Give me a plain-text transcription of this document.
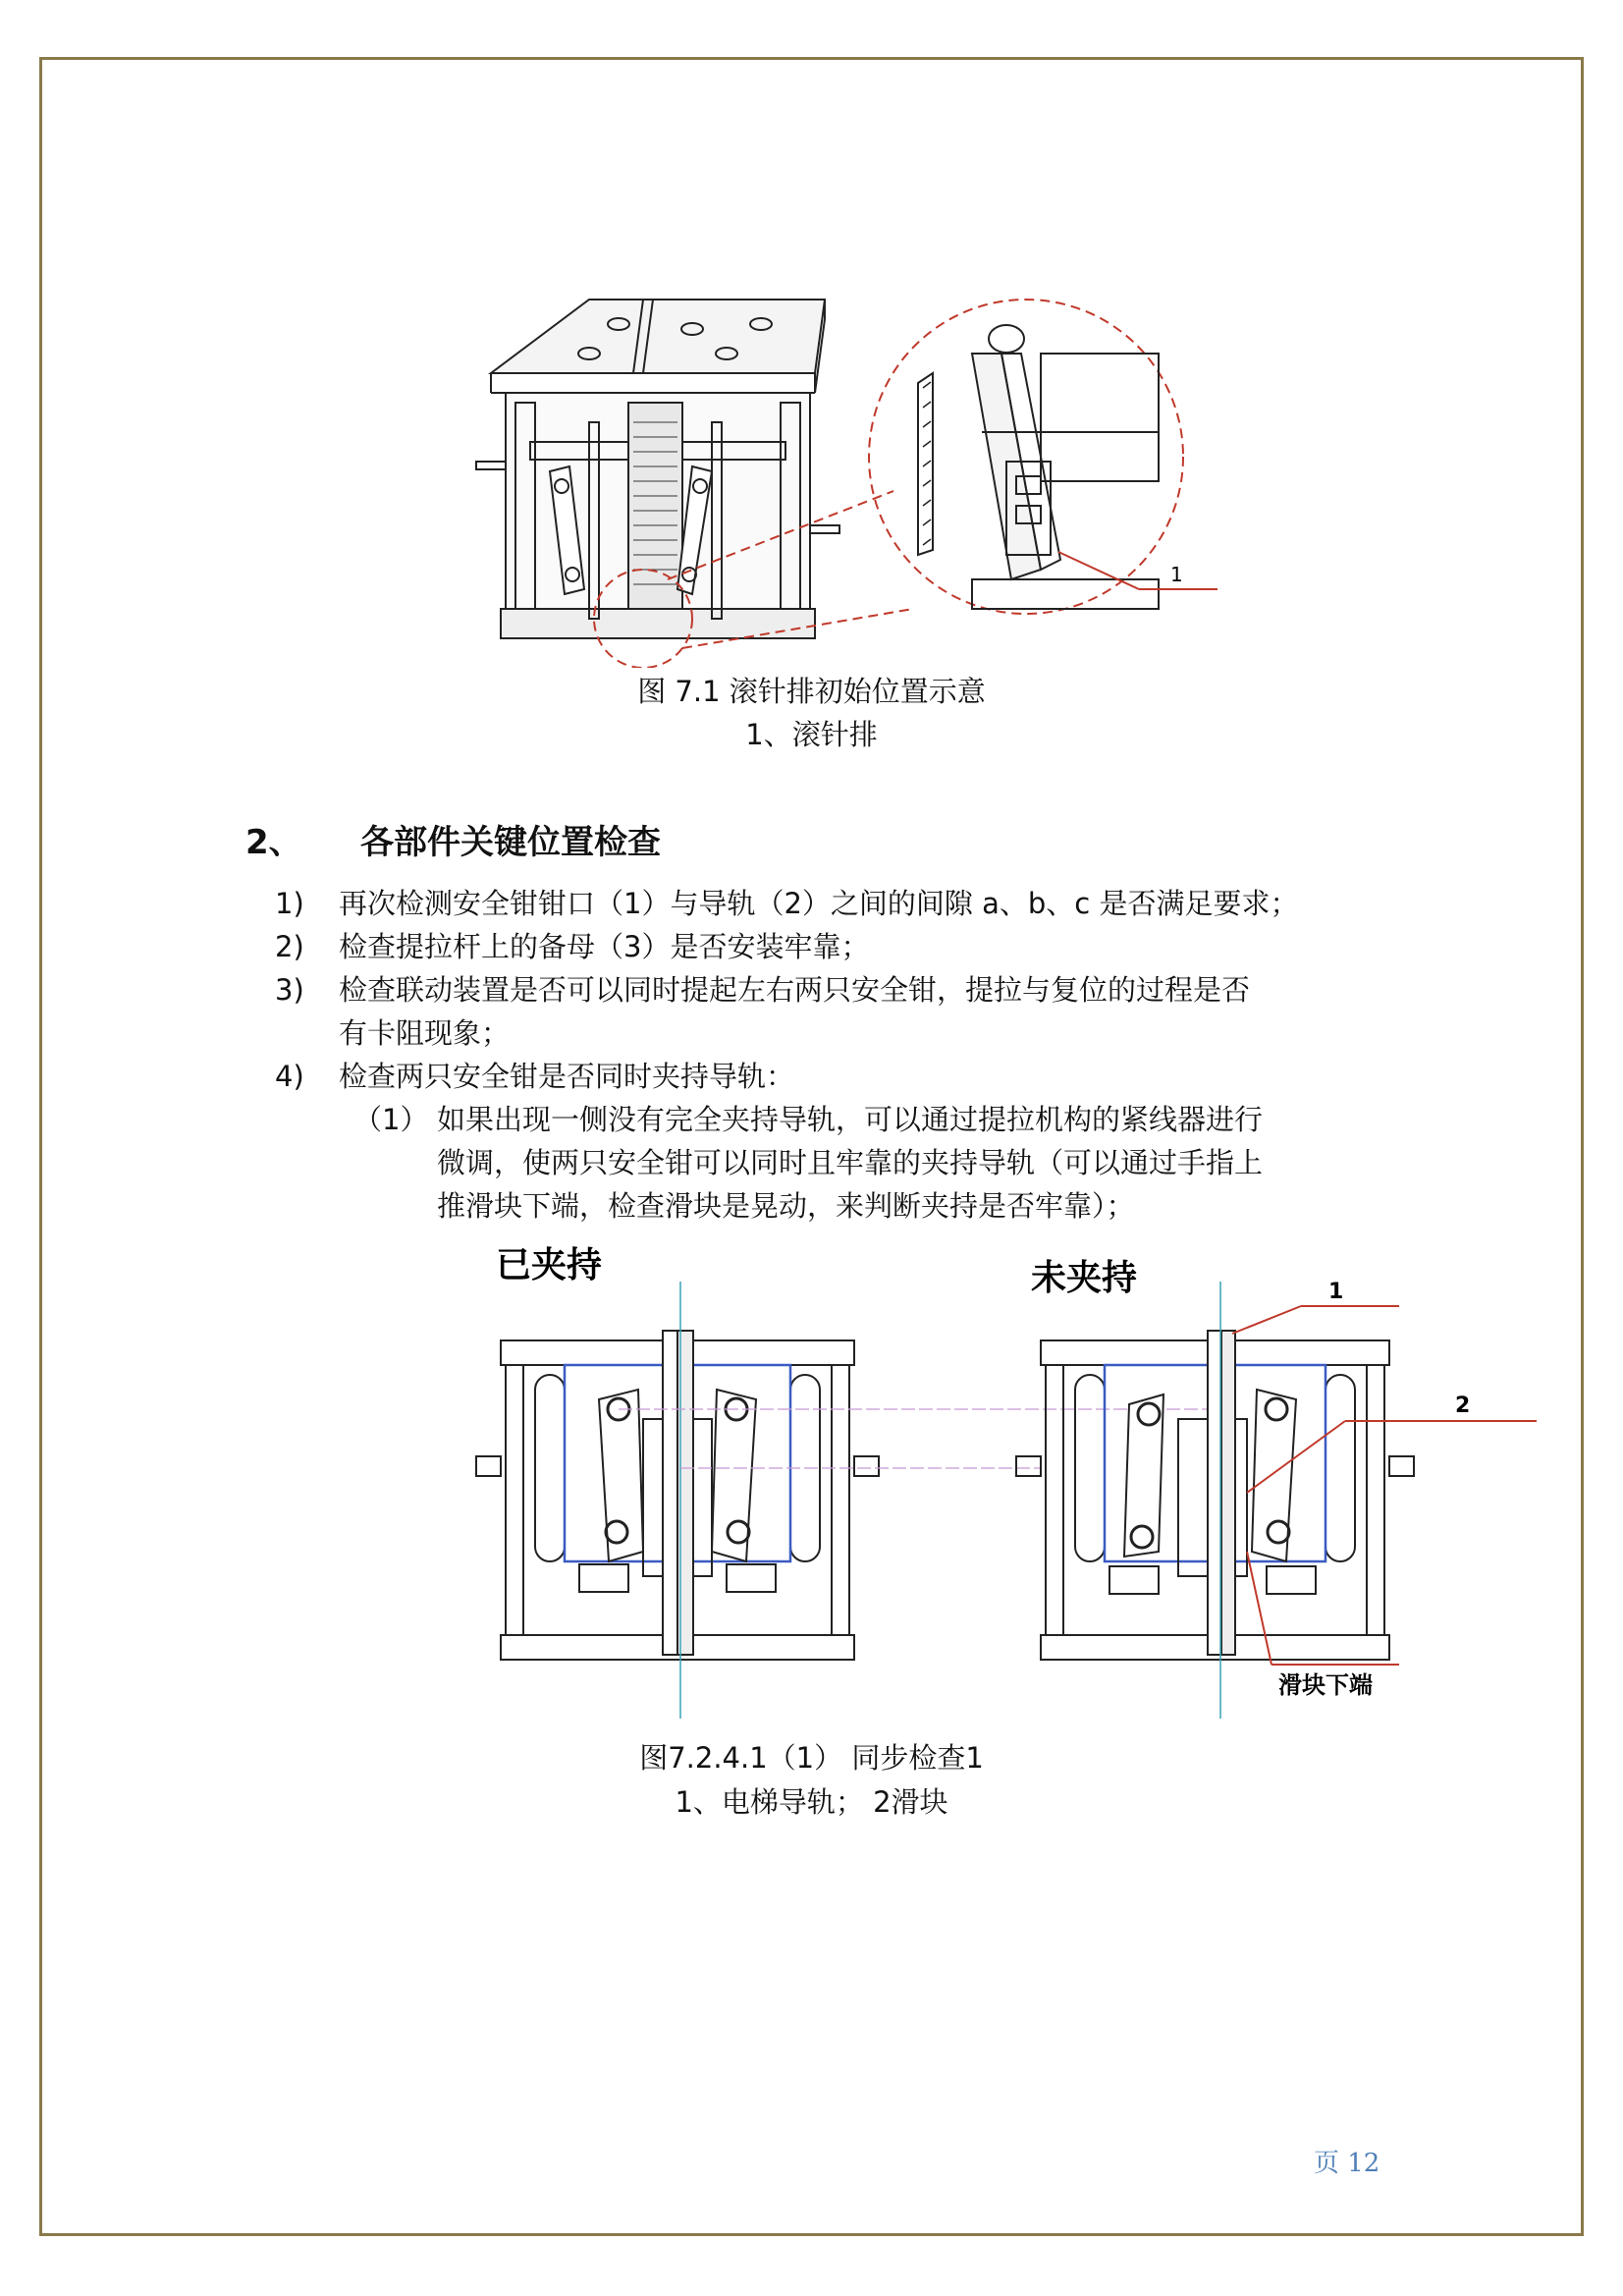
1
图 7.1 滚针排初始位置示意
1、滚针排
2、 各部件关键位置检查
1) 再次检测安全钳钳口（1）与导轨（2）之间的间隙 a、b、c 是否满足要求；
2) 检查提拉杆上的备母（3）是否安装牢靠；
3) 检查联动装置是否可以同时提起左右两只安全钳，提拉与复位的过程是否
有卡阻现象；
4) 检查两只安全钳是否同时夹持导轨：
（1） 如果出现一侧没有完全夹持导轨，可以通过提拉机构的紧线器进行
微调，使两只安全钳可以同时且牢靠的夹持导轨（可以通过手指上
推滑块下端，检查滑块是晃动，来判断夹持是否牢靠）；
已夹持	未夹持	1
2
滑块下端
图7.2.4.1（1） 同步检查1
1、电梯导轨； 2滑块
页 12
